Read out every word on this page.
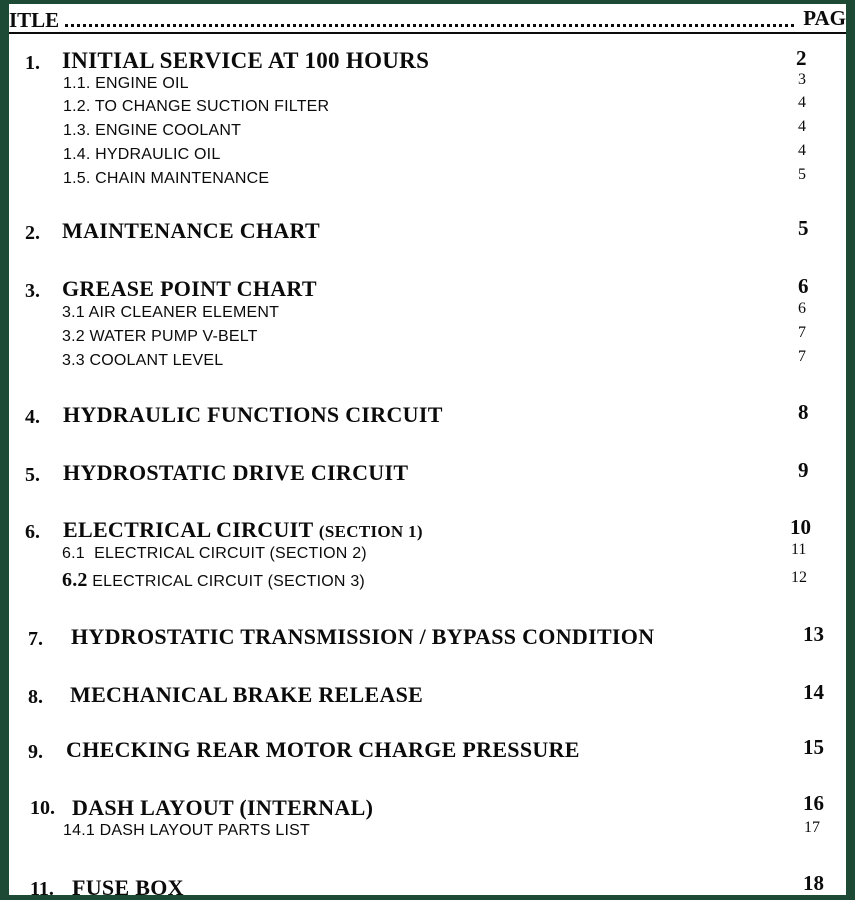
ITLE	PAG
1. INITIAL SERVICE AT 100 HOURS	2
1.1. ENGINE OIL	3
1.2. TO CHANGE SUCTION FILTER	4
1.3. ENGINE COOLANT	4
1.4. HYDRAULIC OIL	4
1.5. CHAIN MAINTENANCE	5
2. MAINTENANCE CHART	5
3. GREASE POINT CHART	6
3.1 AIR CLEANER ELEMENT	6
3.2 WATER PUMP V-BELT	7
3.3 COOLANT LEVEL	7
4. HYDRAULIC FUNCTIONS CIRCUIT	8
5. HYDROSTATIC DRIVE CIRCUIT	9
6. ELECTRICAL CIRCUIT (SECTION 1)	10
6.1  ELECTRICAL CIRCUIT (SECTION 2)	11
6.2 ELECTRICAL CIRCUIT (SECTION 3)	12
7. HYDROSTATIC TRANSMISSION / BYPASS CONDITION	13
8. MECHANICAL BRAKE RELEASE	14
9. CHECKING REAR MOTOR CHARGE PRESSURE	15
10. DASH LAYOUT (INTERNAL)	16
14.1 DASH LAYOUT PARTS LIST	17
11. FUSE BOX	18
